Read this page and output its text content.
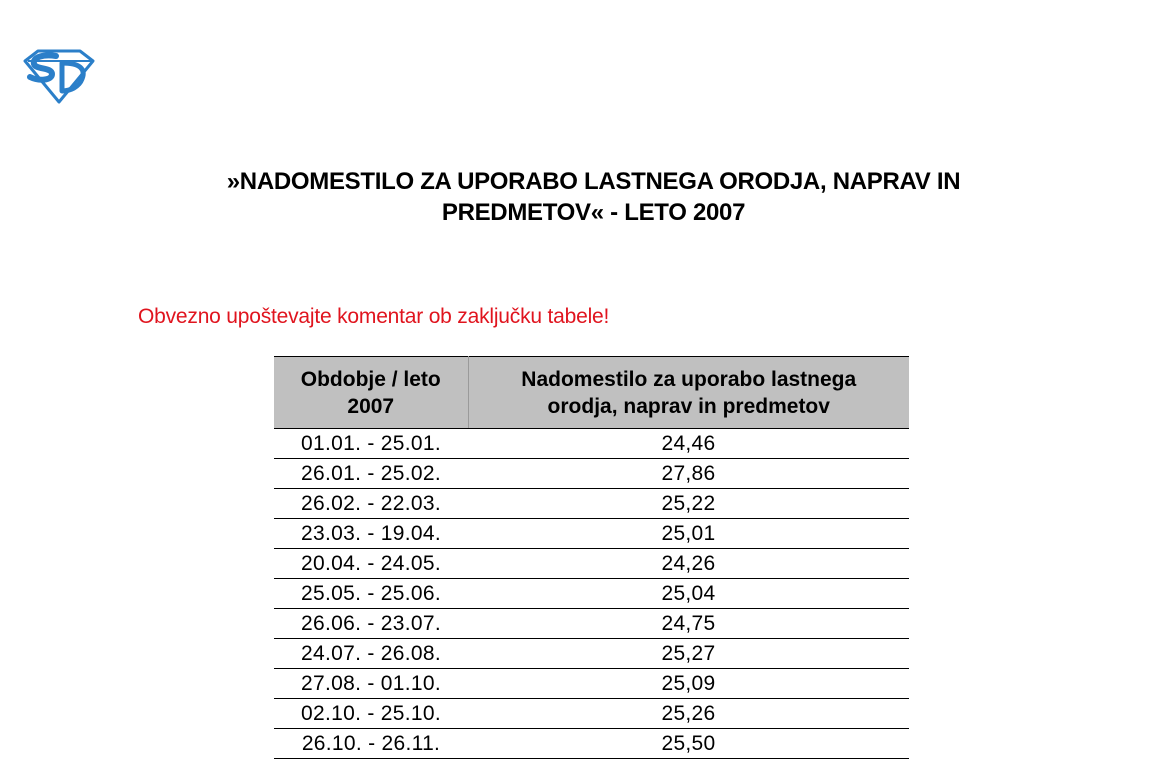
»NADOMESTILO ZA UPORABO LASTNEGA ORODJA, NAPRAV IN
PREDMETOV« - LETO 2007
Obvezno upoštevajte komentar ob zaključku tabele!
Obdobje / leto
2007	Nadomestilo za uporabo lastnega
orodja, naprav in predmetov
01.01. - 25.01.	24,46
26.01. - 25.02.	27,86
26.02. - 22.03.	25,22
23.03. - 19.04.	25,01
20.04. - 24.05.	24,26
25.05. - 25.06.	25,04
26.06. - 23.07.	24,75
24.07. - 26.08.	25,27
27.08. - 01.10.	25,09
02.10. - 25.10.	25,26
26.10. - 26.11.	25,50
